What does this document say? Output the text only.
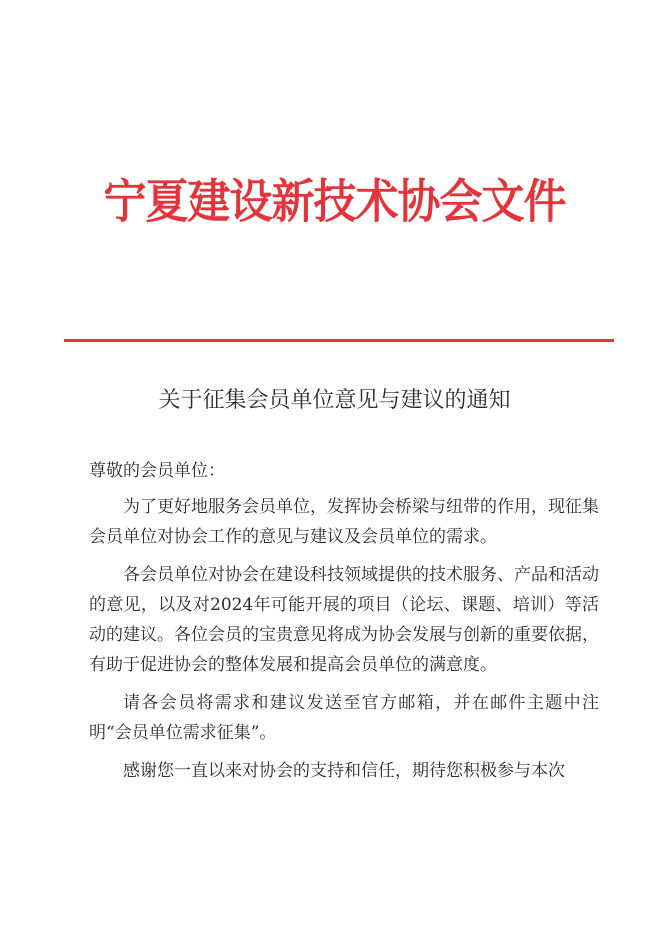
宁夏建设新技术协会文件
关于征集会员单位意见与建议的通知

尊敬的会员单位：

为了更好地服务会员单位，发挥协会桥梁与纽带的作用，现征集会员单位对协会工作的意见与建议及会员单位的需求。

各会员单位对协会在建设科技领域提供的技术服务、产品和活动的意见，以及对2024年可能开展的项目（论坛、课题、培训）等活动的建议。各位会员的宝贵意见将成为协会发展与创新的重要依据，有助于促进协会的整体发展和提高会员单位的满意度。

请各会员将需求和建议发送至官方邮箱，并在邮件主题中注明“会员单位需求征集”。

感谢您一直以来对协会的支持和信任，期待您积极参与本次
